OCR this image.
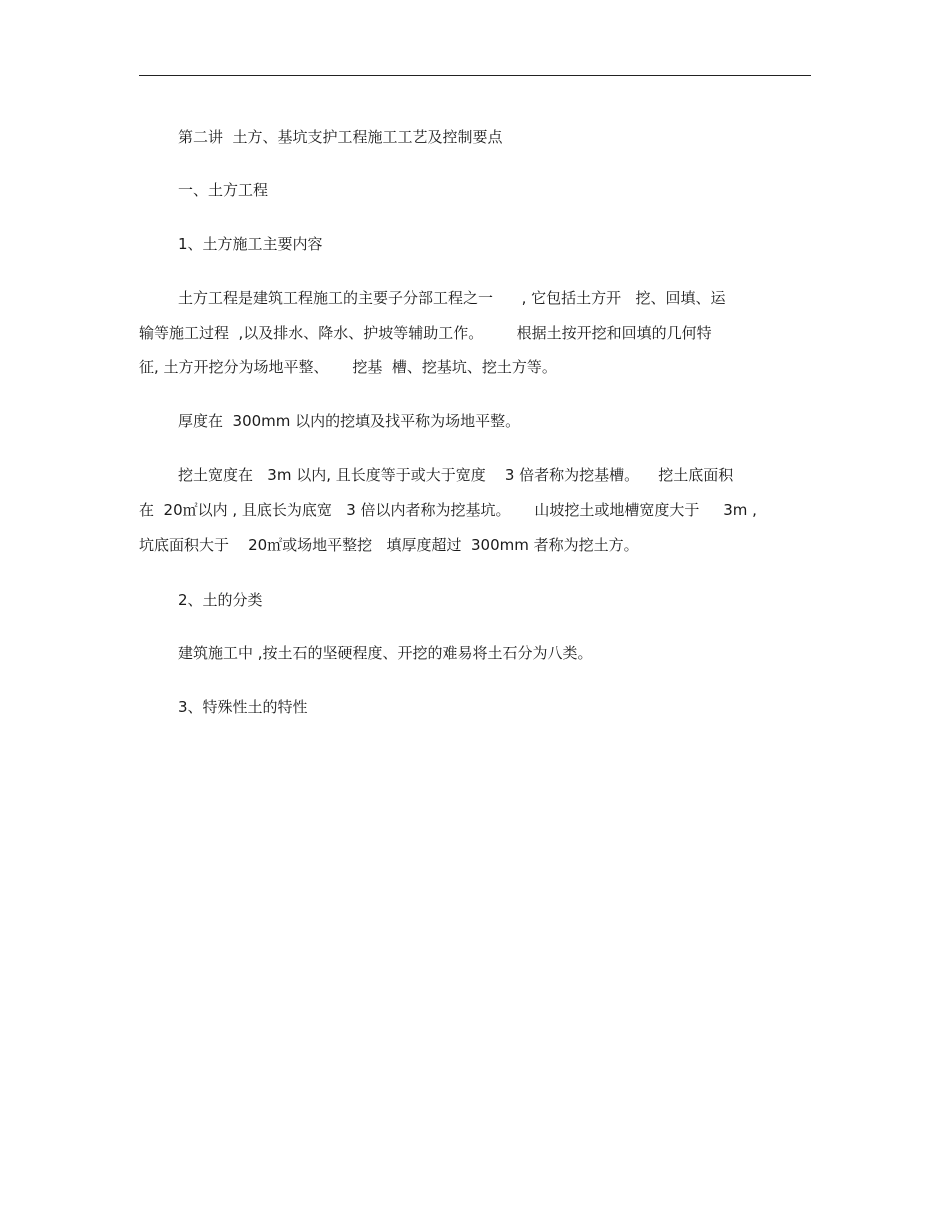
第二讲  土方、基坑支护工程施工工艺及控制要点
一、土方工程
1、土方施工主要内容
土方工程是建筑工程施工的主要子分部工程之一      , 它包括土方开   挖、回填、运
输等施工过程  ,以及排水、降水、护坡等辅助工作。       根据土按开挖和回填的几何特
征, 土方开挖分为场地平整、     挖基  槽、挖基坑、挖土方等。
厚度在  300mm 以内的挖填及找平称为场地平整。
挖土宽度在   3m 以内, 且长度等于或大于宽度    3 倍者称为挖基槽。    挖土底面积
在  20㎡以内 , 且底长为底宽   3 倍以内者称为挖基坑。     山坡挖土或地槽宽度大于     3m ,
坑底面积大于    20㎡或场地平整挖   填厚度超过  300mm 者称为挖土方。
2、土的分类
建筑施工中 ,按土石的坚硬程度、开挖的难易将土石分为八类。
3、特殊性土的特性
